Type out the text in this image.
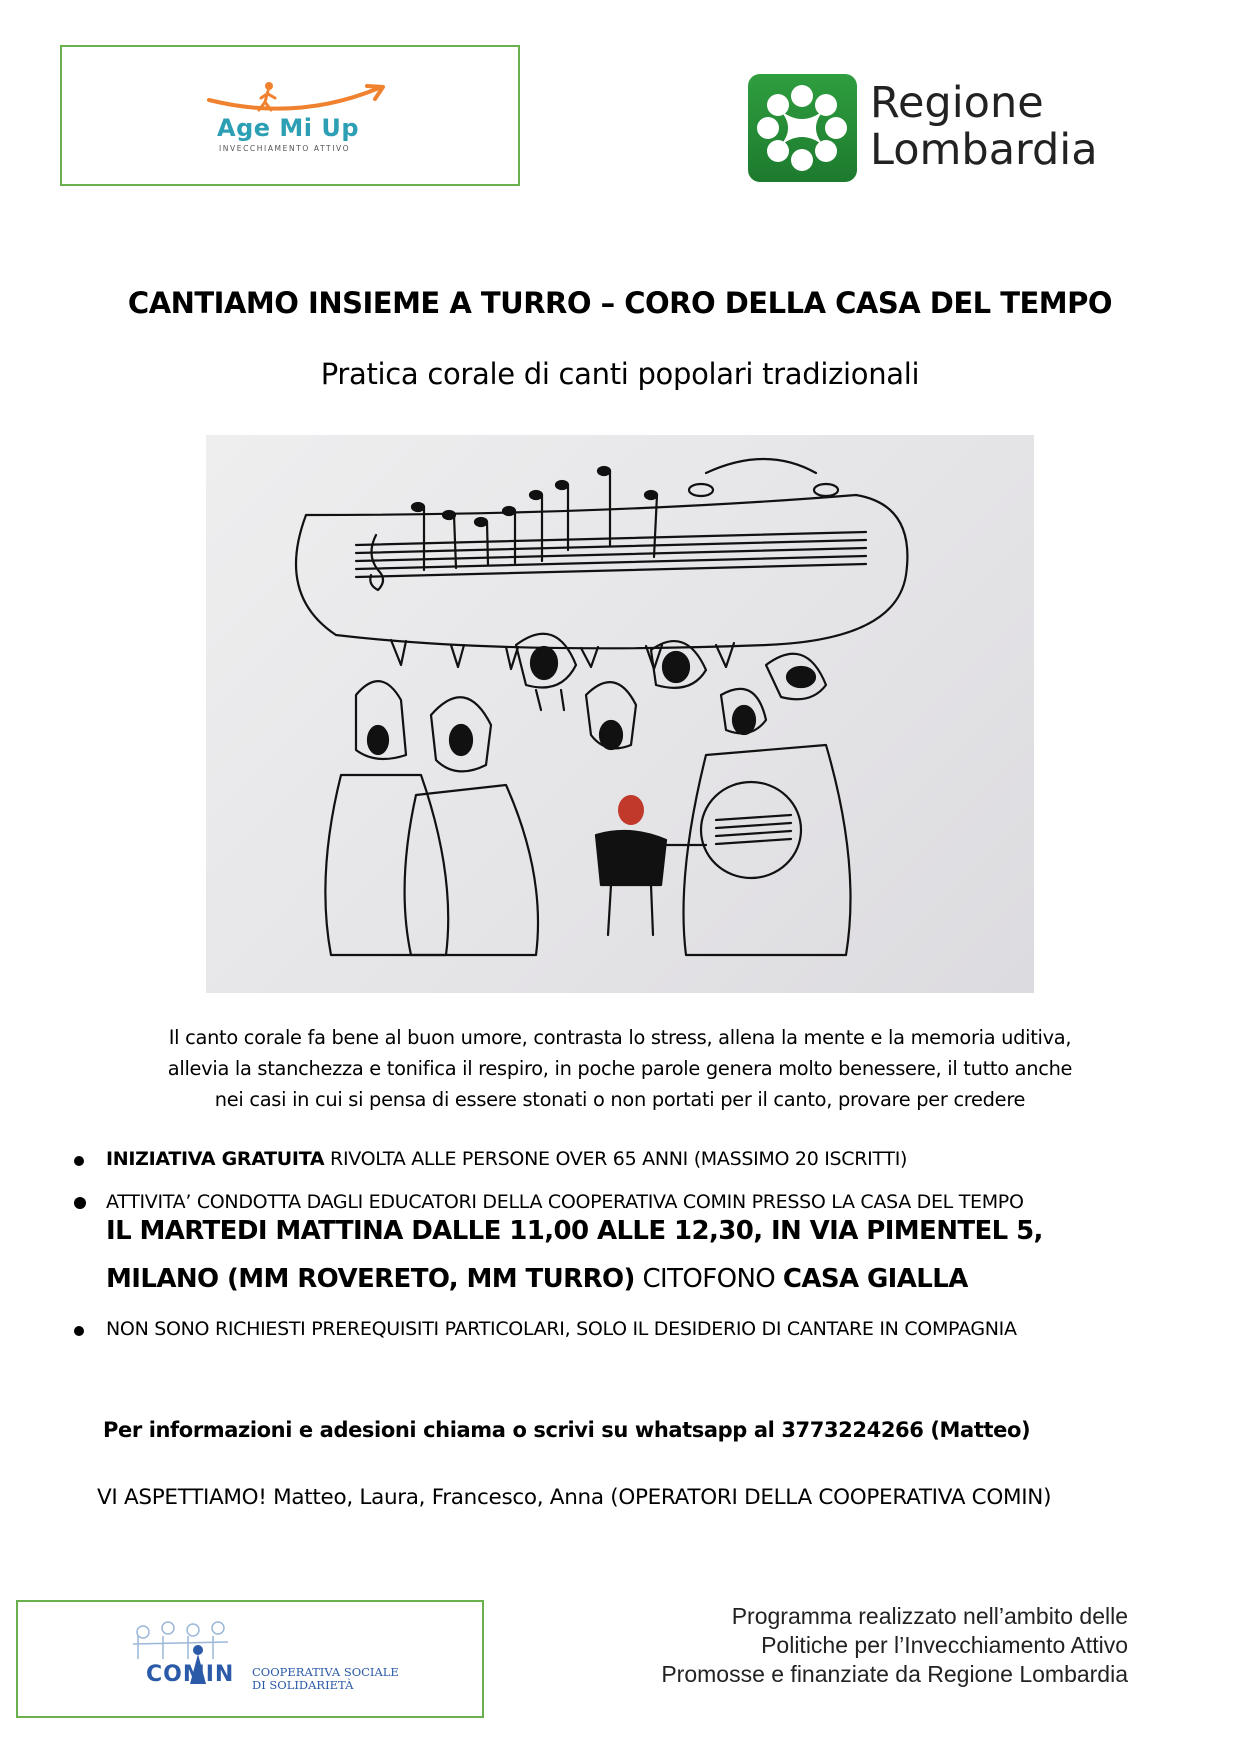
Age Mi Up
INVECCHIAMENTO ATTIVO
Regione
Lombardia
CANTIAMO INSIEME A TURRO – CORO DELLA CASA DEL TEMPO
Pratica corale di canti popolari tradizionali
Il canto corale fa bene al buon umore, contrasta lo stress, allena la mente e la memoria uditiva,
allevia la stanchezza e tonifica il respiro, in poche parole genera molto benessere, il tutto anche
nei casi in cui si pensa di essere stonati o non portati per il canto, provare per credere
INIZIATIVA GRATUITA RIVOLTA ALLE PERSONE OVER 65 ANNI (MASSIMO 20 ISCRITTI)
ATTIVITA’ CONDOTTA DAGLI EDUCATORI DELLA COOPERATIVA COMIN PRESSO LA CASA DEL TEMPO
IL MARTEDI MATTINA DALLE 11,00 ALLE 12,30, IN VIA PIMENTEL 5,
MILANO (MM ROVERETO, MM TURRO) CITOFONO CASA GIALLA
NON SONO RICHIESTI PREREQUISITI PARTICOLARI, SOLO IL DESIDERIO DI CANTARE IN COMPAGNIA
Per informazioni e adesioni chiama o scrivi su whatsapp al 3773224266 (Matteo)
VI ASPETTIAMO! Matteo, Laura, Francesco, Anna (OPERATORI DELLA COOPERATIVA COMIN)
COMIN COOPERATIVA SOCIALE
DI SOLIDARIETÀ
Programma realizzato nell’ambito delle
Politiche per l’Invecchiamento Attivo
Promosse e finanziate da Regione Lombardia
